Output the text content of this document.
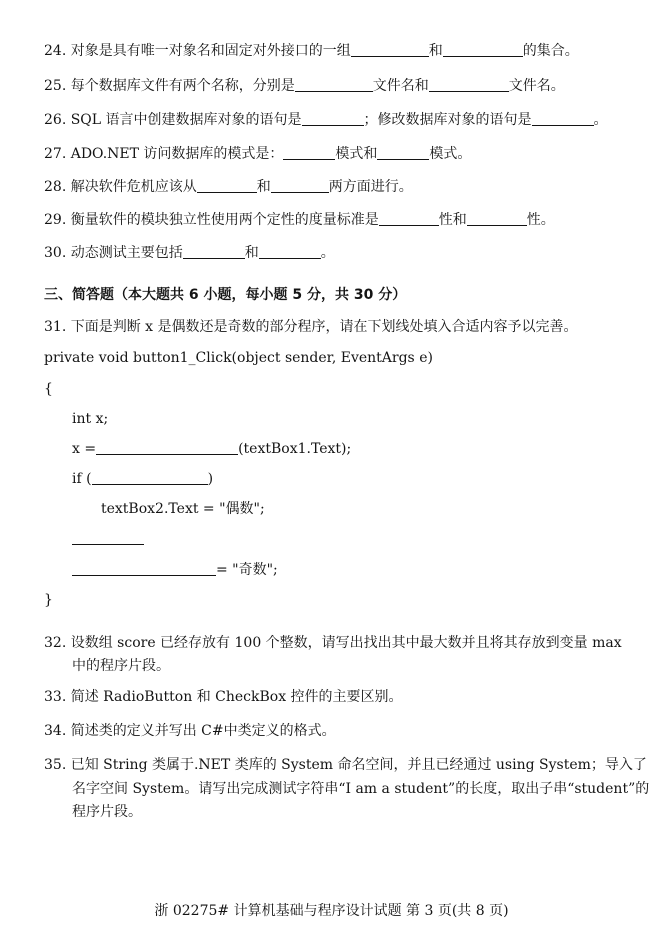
24. 对象是具有唯一对象名和固定对外接口的一组	和	的集合。
25. 每个数据库文件有两个名称，分别是	文件名和	文件名。
26. SQL 语言中创建数据库对象的语句是	；修改数据库对象的语句是	。
27. ADO.NET 访问数据库的模式是：	模式和	模式。
28. 解决软件危机应该从	和	两方面进行。
29. 衡量软件的模块独立性使用两个定性的度量标准是	性和	性。
30. 动态测试主要包括	和	。
三、简答题（本大题共 6 小题，每小题 5 分，共 30 分）
31. 下面是判断 x 是偶数还是奇数的部分程序，请在下划线处填入合适内容予以完善。
private void button1_Click(object sender, EventArgs e)
{
int x;
x =	(textBox1.Text);
if (	)
textBox2.Text = "偶数";
= "奇数";
}
32. 设数组 score 已经存放有 100 个整数，请写出找出其中最大数并且将其存放到变量 max
中的程序片段。
33. 简述 RadioButton 和 CheckBox 控件的主要区别。
34. 简述类的定义并写出 C#中类定义的格式。
35. 已知 String 类属于.NET 类库的 System 命名空间，并且已经通过 using System；导入了
名字空间 System。请写出完成测试字符串“I am a student”的长度，取出子串“student”的
程序片段。
浙 02275# 计算机基础与程序设计试题 第 3 页(共 8 页)
